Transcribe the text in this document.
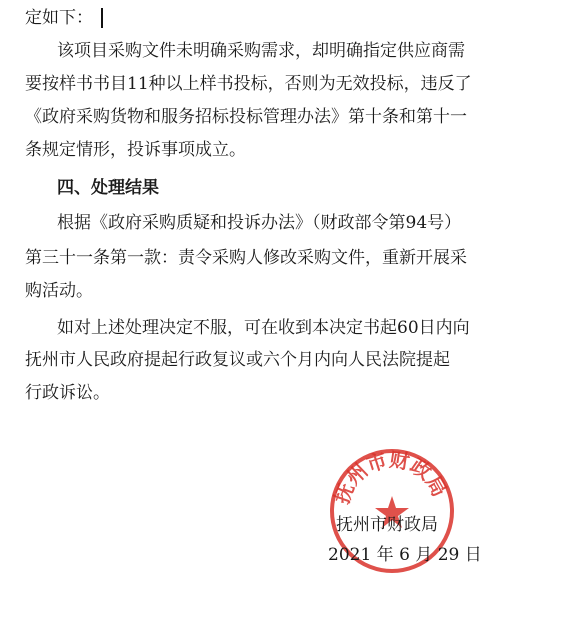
定如下：
该项目采购文件未明确采购需求，却明确指定供应商需
要按样书书目11种以上样书投标，否则为无效投标，违反了
《政府采购货物和服务招标投标管理办法》第十条和第十一
条规定情形，投诉事项成立。
四、处理结果
根据《政府采购质疑和投诉办法》（财政部令第94号）
第三十一条第一款：责令采购人修改采购文件，重新开展采
购活动。
如对上述处理决定不服，可在收到本决定书起60日内向
抚州市人民政府提起行政复议或六个月内向人民法院提起
行政诉讼。
抚州市财政局
抚州市财政局
2021 年 6 月 29 日
